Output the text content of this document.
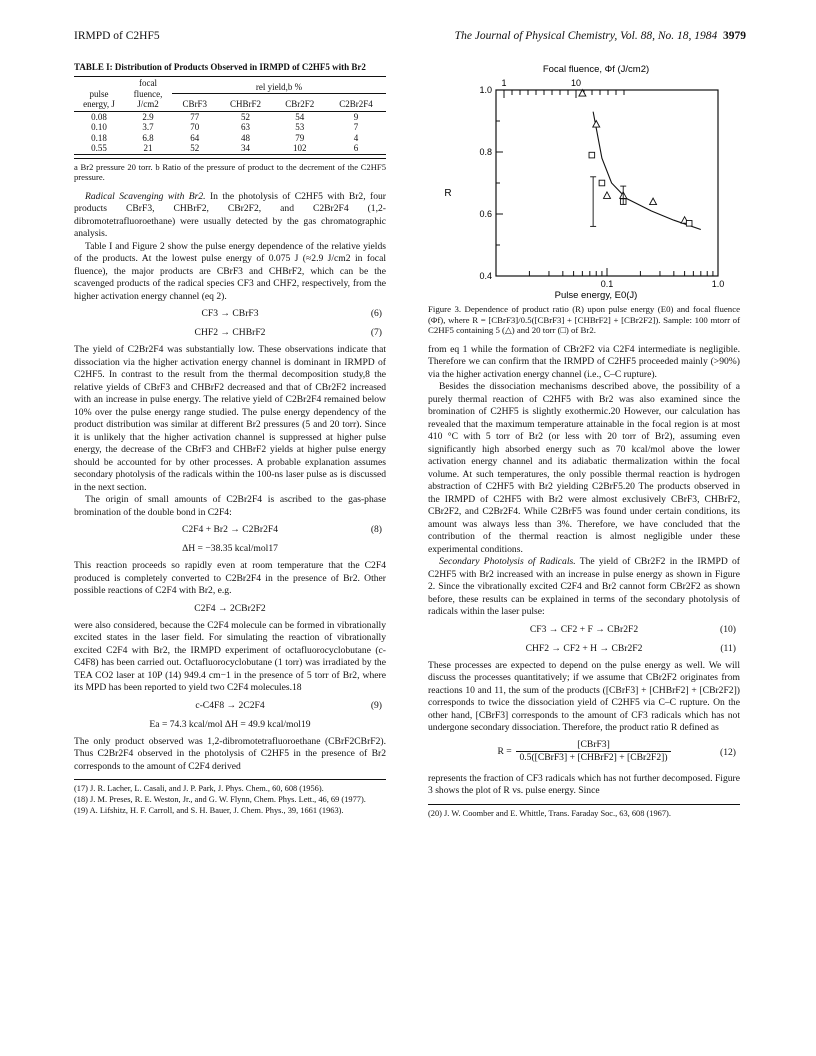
IRMPD of C2HF5	The Journal of Physical Chemistry, Vol. 88, No. 18, 1984 3979
TABLE I: Distribution of Products Observed in IRMPD of C2HF5 with Br2
pulse energy, J	focal fluence, J/cm2	rel yield,b %			
		CBrF3	CHBrF2	CBr2F2	C2Br2F4
0.08	2.9	77	52	54	9
0.10	3.7	70	63	53	7
0.18	6.8	64	48	79	4
0.55	21	52	34	102	6
a Br2 pressure 20 torr. b Ratio of the pressure of product to the decrement of the C2HF5 pressure.

Radical Scavenging with Br2. In the photolysis of C2HF5 with Br2, four products CBrF3, CHBrF2, CBr2F2, and C2Br2F4 (1,2-dibromotetrafluoroethane) were usually detected by the gas chromatographic analysis.

Table I and Figure 2 show the pulse energy dependence of the relative yields of the products. At the lowest pulse energy of 0.075 J (≈2.9 J/cm2 in focal fluence), the major products are CBrF3 and CHBrF2, which can be the scavenged products of the radical species CF3 and CHF2, respectively, from the higher activation energy channel (eq 2).

CF3 → CBrF3	(6)
CHF2 → CHBrF2	(7)

The yield of C2Br2F4 was substantially low. These observations indicate that dissociation via the higher activation energy channel is dominant in IRMPD of C2HF5. In contrast to the result from the thermal decomposition study,8 the relative yields of CBrF3 and CHBrF2 decreased and that of CBr2F2 increased with an increase in pulse energy. The relative yield of C2Br2F4 remained below 10% over the pulse energy range studied. The pulse energy dependency of the product distribution was similar at different Br2 pressures (5 and 20 torr). Since it is unlikely that the higher activation channel is suppressed at higher pulse energy, the decrease of the CBrF3 and CHBrF2 yields at higher pulse energy should be accounted for by other processes. A probable explanation assumes secondary photolysis of the radicals within the 100-ns laser pulse as is discussed in the next section.

The origin of small amounts of C2Br2F4 is ascribed to the gas-phase bromination of the double bond in C2F4:

C2F4 + Br2 → C2Br2F4	(8)
ΔH = −38.35 kcal/mol17

This reaction proceeds so rapidly even at room temperature that the C2F4 produced is completely converted to C2Br2F4 in the presence of Br2. Other possible reactions of C2F4 with Br2, e.g.

C2F4 → 2CBr2F2

were also considered, because the C2F4 molecule can be formed in vibrationally excited states in the laser field. For simulating the reaction of vibrationally excited C2F4 with Br2, the IRMPD experiment of octafluorocyclobutane (c-C4F8) has been carried out. Octafluorocyclobutane (1 torr) was irradiated by the TEA CO2 laser at 10P (14) 949.4 cm−1 in the presence of 5 torr of Br2, where its MPD has been reported to yield two C2F4 molecules.18

c-C4F8 → 2C2F4	(9)
Ea = 74.3 kcal/mol ΔH = 49.9 kcal/mol19

The only product observed was 1,2-dibromotetrafluoroethane (CBrF2CBrF2). Thus C2Br2F4 observed in the photolysis of C2HF5 in the presence of Br2 corresponds to the amount of C2F4 derived

(17) J. R. Lacher, L. Casali, and J. P. Park, J. Phys. Chem., 60, 608 (1956).
(18) J. M. Preses, R. E. Weston, Jr., and G. W. Flynn, Chem. Phys. Lett., 46, 69 (1977).
(19) A. Lifshitz, H. F. Carroll, and S. H. Bauer, J. Chem. Phys., 39, 1661 (1963).
Focal fluence, Φf (J/cm2)
Pulse energy, E0(J)
R
0.4
0.6
0.8
1.0
0.1	1.0
1	10
Figure 3. Dependence of product ratio (R) upon pulse energy (E0) and focal fluence (Φf), where R = [CBrF3]/0.5([CBrF3] + [CHBrF2] + [CBr2F2]). Sample: 100 mtorr of C2HF5 containing 5 (△) and 20 torr (□) of Br2.

from eq 1 while the formation of CBr2F2 via C2F4 intermediate is negligible. Therefore we can confirm that the IRMPD of C2HF5 proceeded mainly (>90%) via the higher activation energy channel (i.e., C–C rupture).

Besides the dissociation mechanisms described above, the possibility of a purely thermal reaction of C2HF5 with Br2 was also examined since the bromination of C2HF5 is slightly exothermic.20 However, our calculation has revealed that the maximum temperature attainable in the focal region is at most 410 °C with 5 torr of Br2 (or less with 20 torr of Br2), assuming even significantly high absorbed energy such as 70 kcal/mol above the lower activation energy channel and its adiabatic thermalization within the focal volume. At such temperatures, the only possible thermal reaction is hydrogen abstraction of C2HF5 with Br2 yielding C2BrF5.20 The products observed in the IRMPD of C2HF5 with Br2 were almost exclusively CBrF3, CHBrF2, CBr2F2, and C2Br2F4. While C2BrF5 was found under certain conditions, its amount was always less than 3%. Therefore, we have concluded that the contribution of the thermal reaction is almost negligible under these experimental conditions.

Secondary Photolysis of Radicals. The yield of CBr2F2 in the IRMPD of C2HF5 with Br2 increased with an increase in pulse energy as shown in Figure 2. Since the vibrationally excited C2F4 and Br2 cannot form CBr2F2 as shown before, these results can be explained in terms of the secondary photolysis of radicals within the laser pulse:

CF3 → CF2 + F → CBr2F2	(10)
CHF2 → CF2 + H → CBr2F2	(11)

These processes are expected to depend on the pulse energy as well. We will discuss the processes quantitatively; if we assume that CBr2F2 originates from reactions 10 and 11, the sum of the products ([CBrF3] + [CHBrF2] + [CBr2F2]) corresponds to twice the dissociation yield of C2HF5 via C–C rupture. On the other hand, [CBrF3] corresponds to the amount of CF3 radicals which has not undergone secondary dissociation. Therefore, the product ratio R defined as

$R = \frac{\text{[CBrF3]}}{\text{0.5([CBrF3] + [CHBrF2] + [CBr2F2])}}$	(12)

represents the fraction of CF3 radicals which has not further decomposed. Figure 3 shows the plot of R vs. pulse energy. Since

(20) J. W. Coomber and E. Whittle, Trans. Faraday Soc., 63, 608 (1967).
